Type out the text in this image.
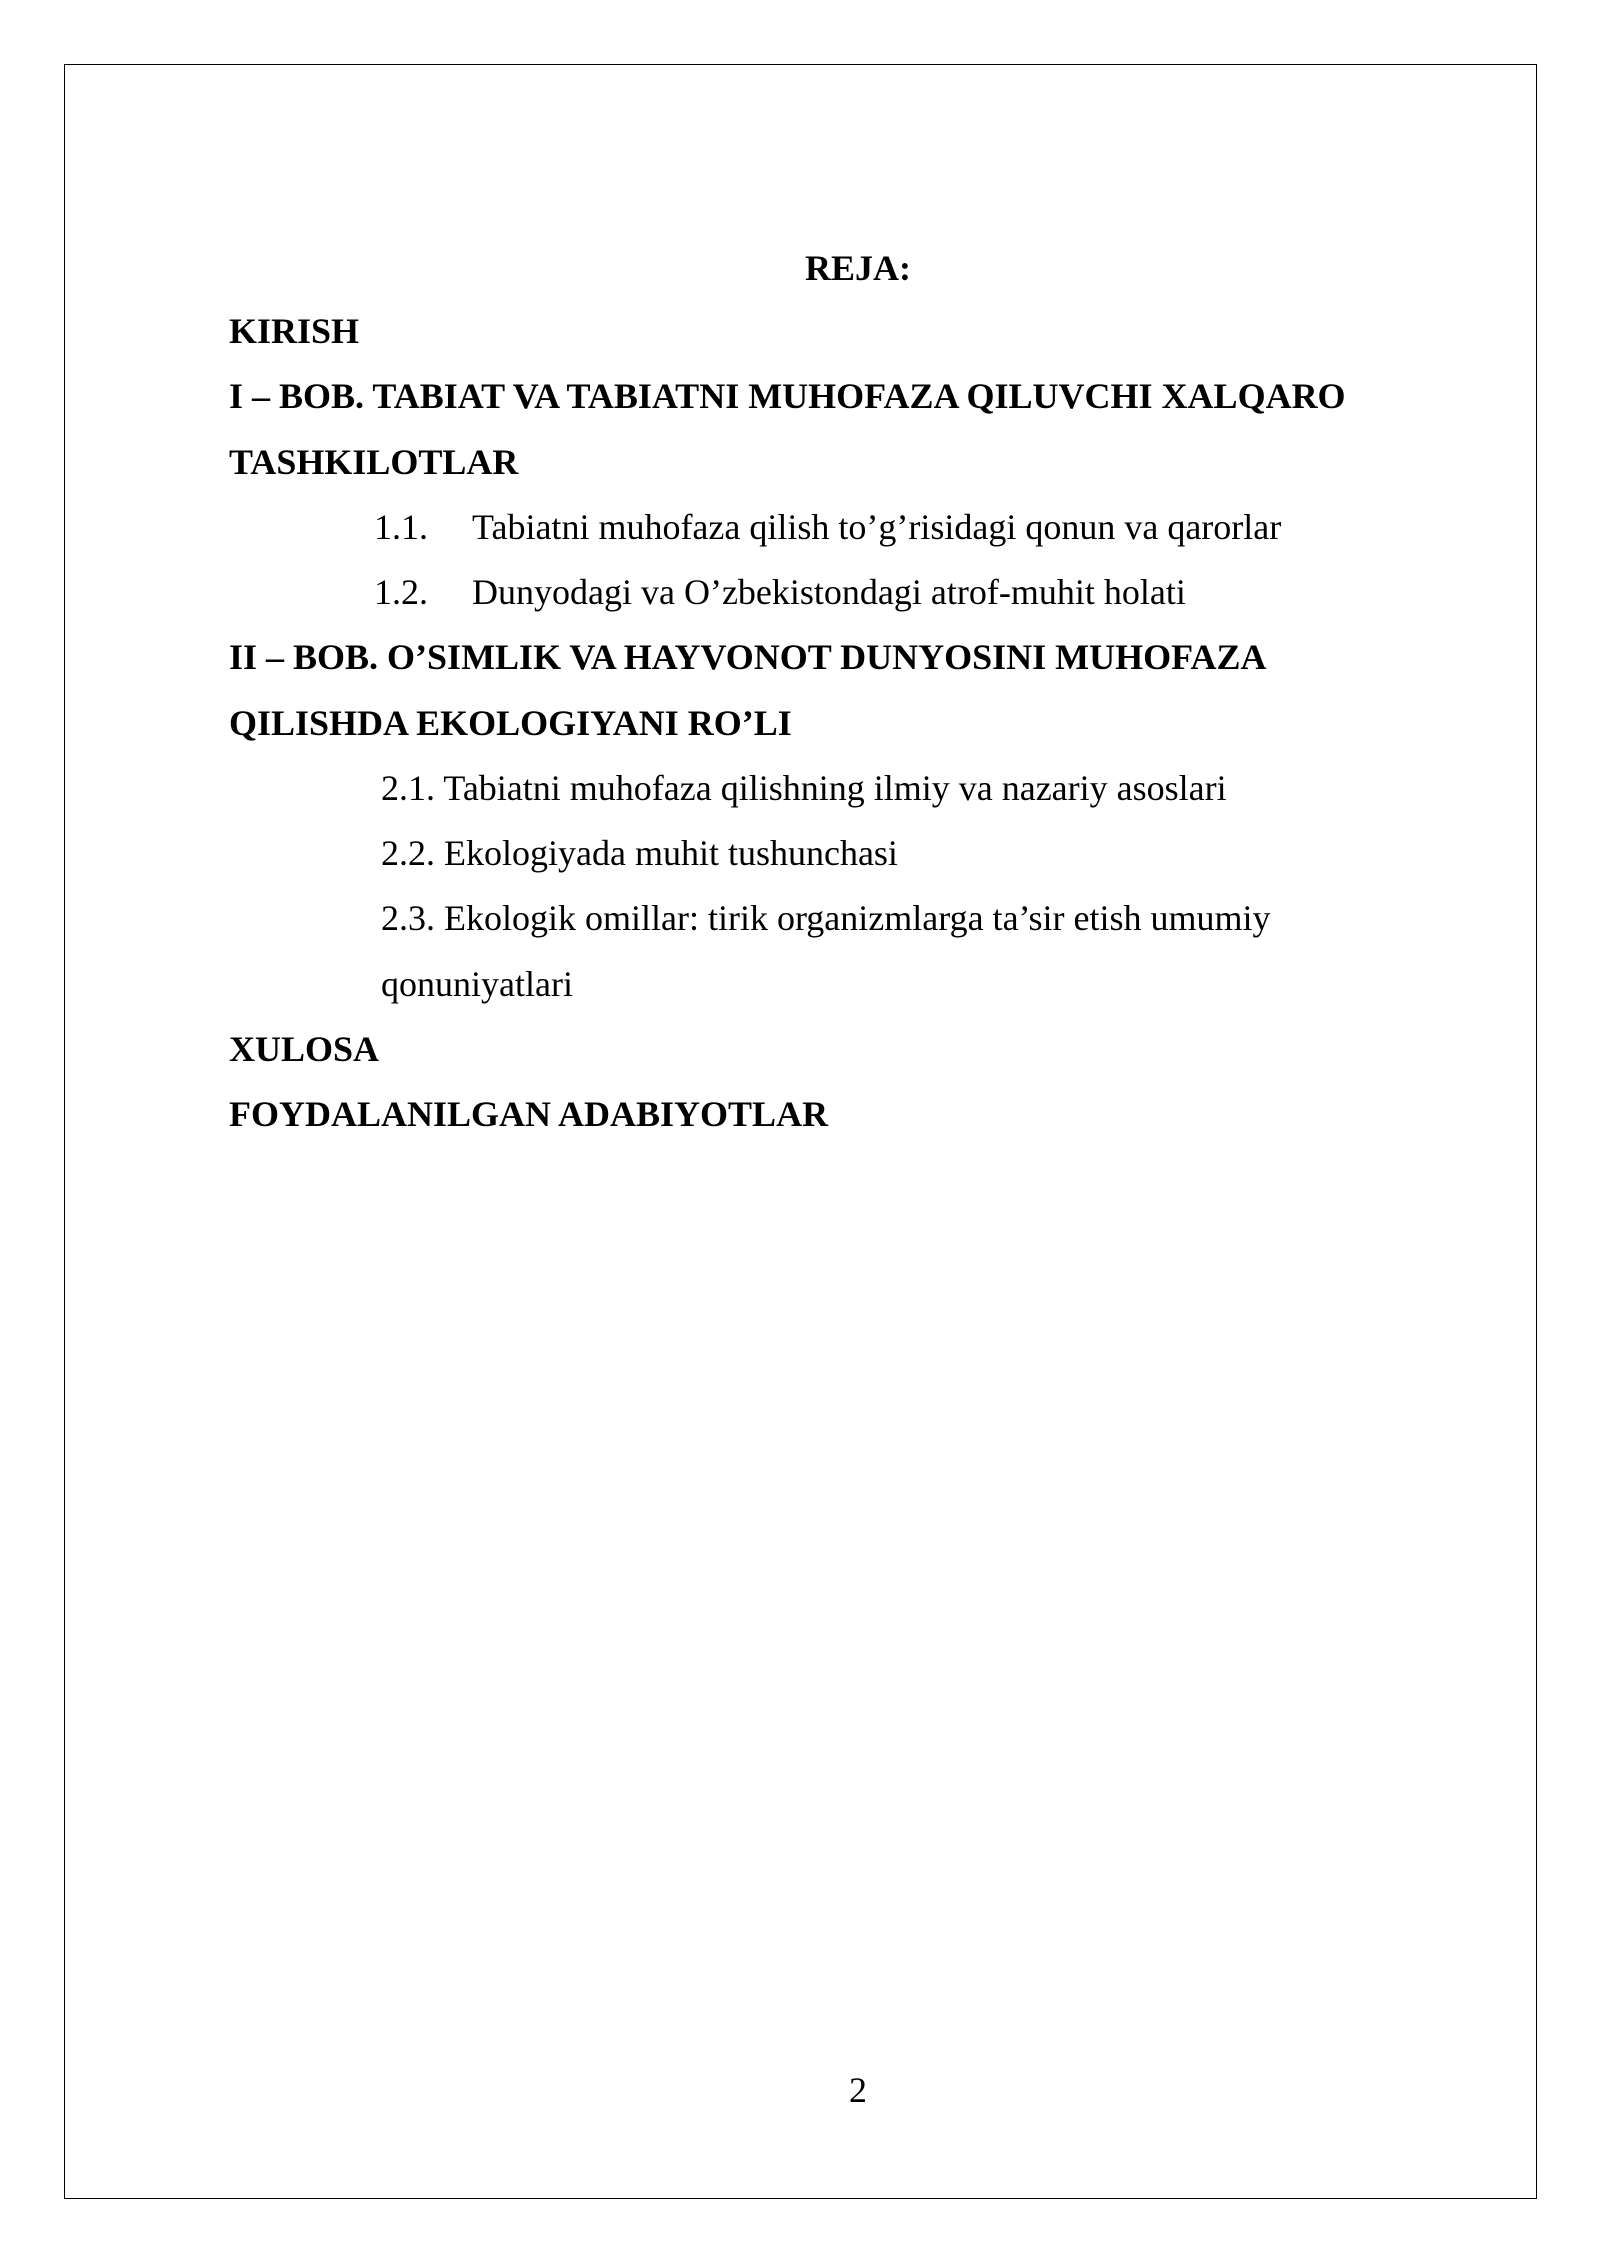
REJA:
KIRISH
I – BOB. TABIAT VA TABIATNI MUHOFAZA QILUVCHI XALQARO
TASHKILOTLAR
1.1. Tabiatni muhofaza qilish to’g’risidagi qonun va qarorlar
1.2. Dunyodagi va O’zbekistondagi atrof-muhit holati
II – BOB. O’SIMLIK VA HAYVONOT DUNYOSINI MUHOFAZA
QILISHDA EKOLOGIYANI RO’LI
2.1. Tabiatni muhofaza qilishning ilmiy va nazariy asoslari
2.2. Ekologiyada muhit tushunchasi
2.3. Ekologik omillar: tirik organizmlarga ta’sir etish umumiy
qonuniyatlari
XULOSA
FOYDALANILGAN ADABIYOTLAR
2
